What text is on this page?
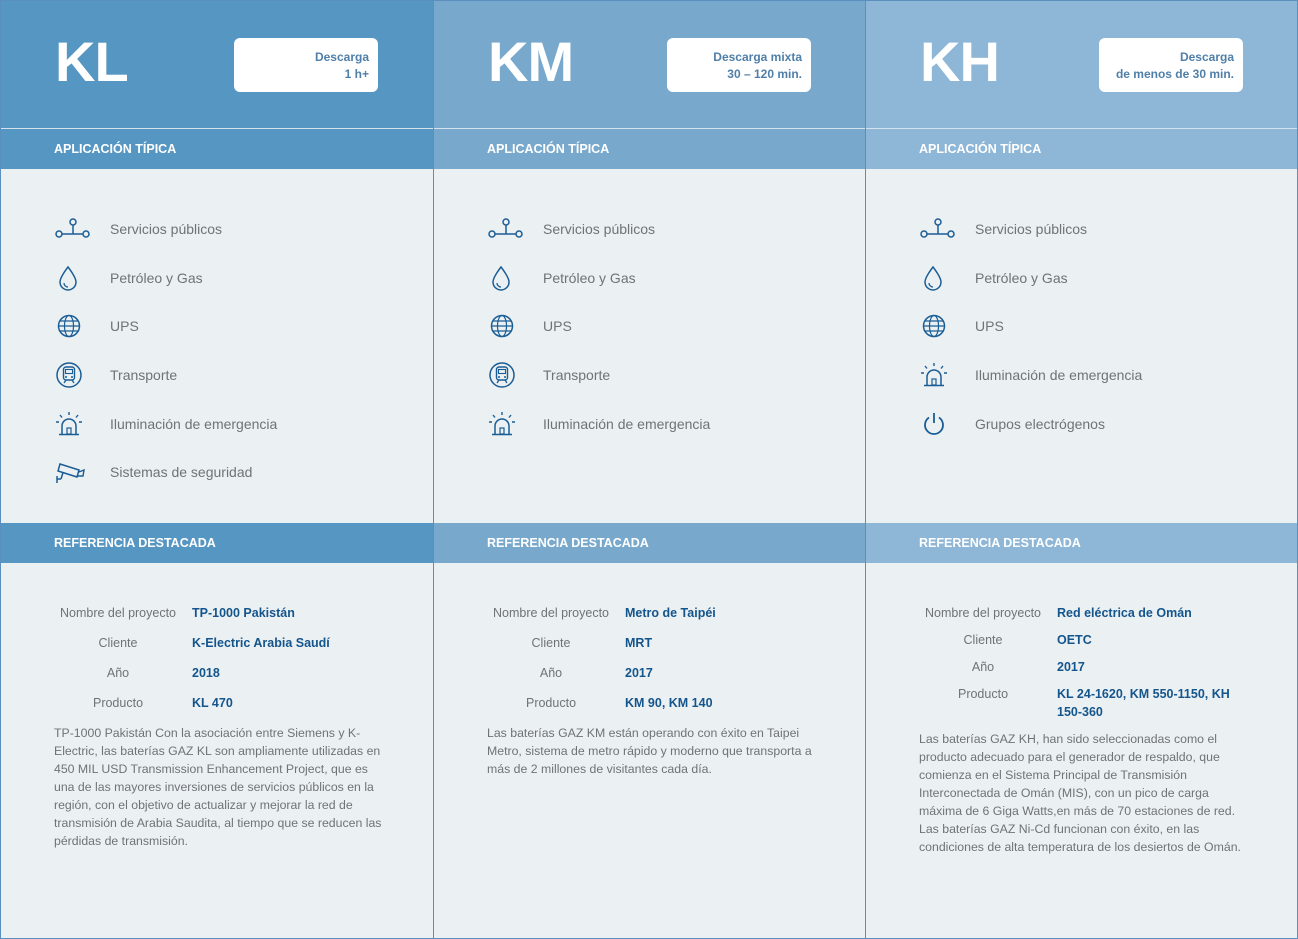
KL	Descarga
1 h+
APLICACIÓN TÍPICA
Servicios públicos
Petróleo y Gas
UPS
Transporte
Iluminación de emergencia
Sistemas de seguridad
REFERENCIA DESTACADA
Nombre del proyecto	TP-1000 Pakistán
Cliente	K-Electric Arabia Saudí
Año	2018
Producto	KL 470
TP-1000 Pakistán Con la asociación entre Siemens y K-Electric, las baterías GAZ KL son ampliamente utilizadas en 450 MIL USD Transmission Enhancement Project, que es una de las mayores inversiones de servicios públicos en la región, con el objetivo de actualizar y mejorar la red de transmisión de Arabia Saudita, al tiempo que se reducen las pérdidas de transmisión.
KM	Descarga mixta
30 – 120 min.
APLICACIÓN TÍPICA
Servicios públicos
Petróleo y Gas
UPS
Transporte
Iluminación de emergencia
REFERENCIA DESTACADA
Nombre del proyecto	Metro de Taipéi
Cliente	MRT
Año	2017
Producto	KM 90, KM 140
Las baterías GAZ KM están operando con éxito en Taipei Metro, sistema de metro rápido y moderno que transporta a más de 2 millones de visitantes cada día.
KH	Descarga
de menos de 30 min.
APLICACIÓN TÍPICA
Servicios públicos
Petróleo y Gas
UPS
Iluminación de emergencia
Grupos electrógenos
REFERENCIA DESTACADA
Nombre del proyecto	Red eléctrica de Omán
Cliente	OETC
Año	2017
Producto	KL 24-1620, KM 550-1150, KH 150-360
Las baterías GAZ KH, han sido seleccionadas como el producto adecuado para el generador de respaldo, que comienza en el Sistema Principal de Transmisión Interconectada de Omán (MIS), con un pico de carga máxima de 6 Giga Watts,en más de 70 estaciones de red. Las baterías GAZ Ni-Cd funcionan con éxito, en las condiciones de alta temperatura de los desiertos de Omán.
